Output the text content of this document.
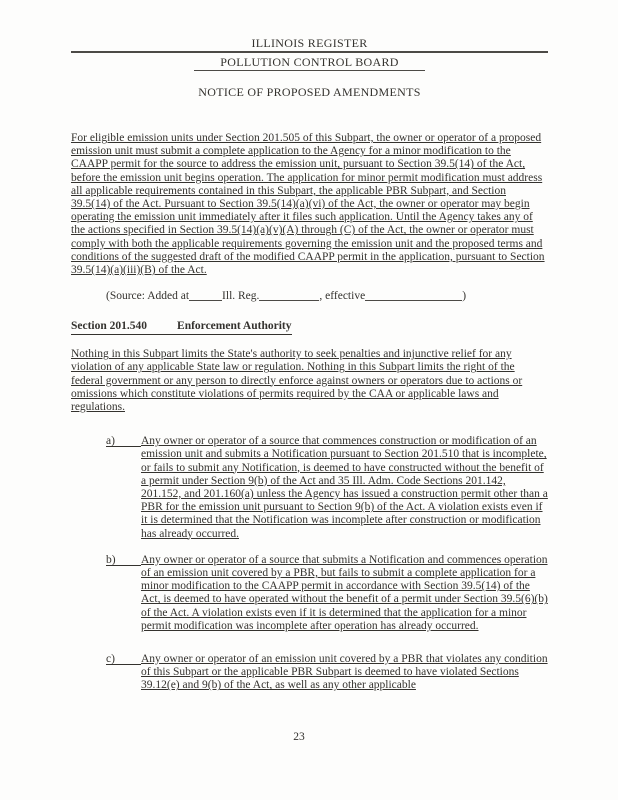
ILLINOIS REGISTER
POLLUTION CONTROL BOARD
NOTICE OF PROPOSED AMENDMENTS

For eligible emission units under Section 201.505 of this Subpart, the owner or operator of a proposed emission unit must submit a complete application to the Agency for a minor modification to the CAAPP permit for the source to address the emission unit, pursuant to Section 39.5(14) of the Act, before the emission unit begins operation. The application for minor permit modification must address all applicable requirements contained in this Subpart, the applicable PBR Subpart, and Section 39.5(14) of the Act. Pursuant to Section 39.5(14)(a)(vi) of the Act, the owner or operator may begin operating the emission unit immediately after it files such application. Until the Agency takes any of the actions specified in Section 39.5(14)(a)(v)(A) through (C) of the Act, the owner or operator must comply with both the applicable requirements governing the emission unit and the proposed terms and conditions of the suggested draft of the modified CAAPP permit in the application, pursuant to Section 39.5(14)(a)(iii)(B) of the Act.

(Source: Added at	Ill. Reg.	, effective	)
Section 201.540	Enforcement Authority

Nothing in this Subpart limits the State's authority to seek penalties and injunctive relief for any violation of any applicable State law or regulation. Nothing in this Subpart limits the right of the federal government or any person to directly enforce against owners or operators due to actions or omissions which constitute violations of permits required by the CAA or applicable laws and regulations.

a) Any owner or operator of a source that commences construction or modification of an emission unit and submits a Notification pursuant to Section 201.510 that is incomplete, or fails to submit any Notification, is deemed to have constructed without the benefit of a permit under Section 9(b) of the Act and 35 Ill. Adm. Code Sections 201.142, 201.152, and 201.160(a) unless the Agency has issued a construction permit other than a PBR for the emission unit pursuant to Section 9(b) of the Act. A violation exists even if it is determined that the Notification was incomplete after construction or modification has already occurred.
b) Any owner or operator of a source that submits a Notification and commences operation of an emission unit covered by a PBR, but fails to submit a complete application for a minor modification to the CAAPP permit in accordance with Section 39.5(14) of the Act, is deemed to have operated without the benefit of a permit under Section 39.5(6)(b) of the Act. A violation exists even if it is determined that the application for a minor permit modification was incomplete after operation has already occurred.
c) Any owner or operator of an emission unit covered by a PBR that violates any condition of this Subpart or the applicable PBR Subpart is deemed to have violated Sections 39.12(e) and 9(b) of the Act, as well as any other applicable
23
